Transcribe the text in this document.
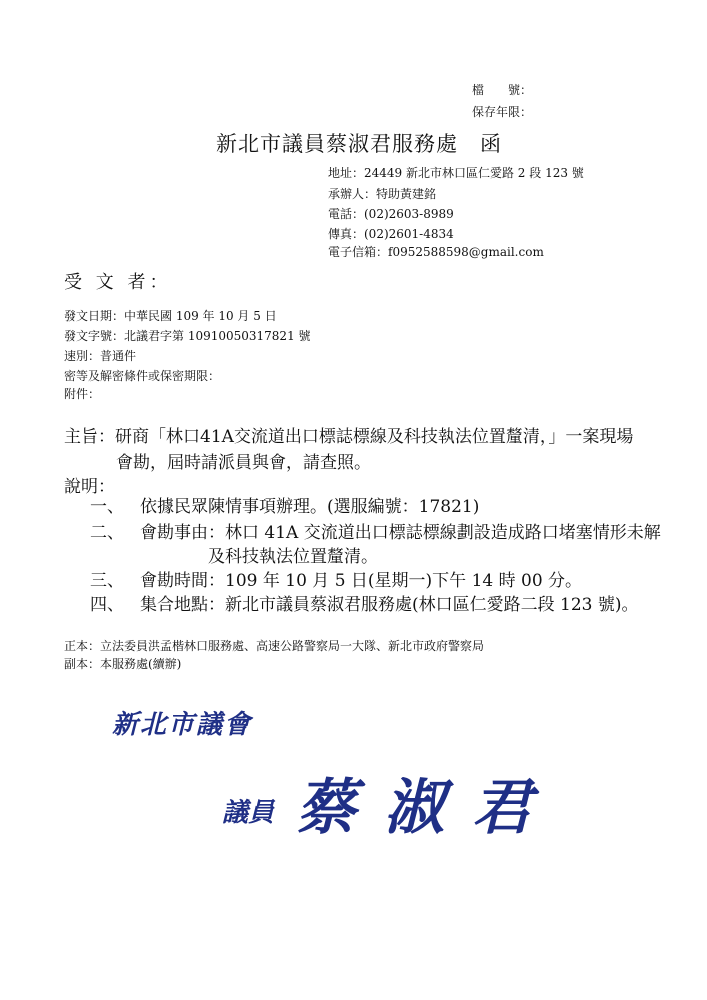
檔　　號：
保存年限：
新北市議員蔡淑君服務處　函
地址：24449 新北市林口區仁愛路 2 段 123 號
承辦人：特助黃建銘
電話：(02)2603-8989
傳真：(02)2601-4834
電子信箱：f0952588598@gmail.com
受 文 者：
發文日期：中華民國 109 年 10 月 5 日
發文字號：北議君字第 10910050317821 號
速別：普通件
密等及解密條件或保密期限：
附件：
主旨：研商「林口41A交流道出口標誌標線及科技執法位置釐清，」一案現場
會勘，屆時請派員與會，請查照。
說明：
一、 依據民眾陳情事項辦理。(選服編號：17821)
二、 會勘事由：林口 41A 交流道出口標誌標線劃設造成路口堵塞情形未解
及科技執法位置釐清。
三、 會勘時間：109 年 10 月 5 日(星期一)下午 14 時 00 分。
四、 集合地點：新北市議員蔡淑君服務處(林口區仁愛路二段 123 號)。
正本：立法委員洪孟楷林口服務處、高速公路警察局一大隊、新北市政府警察局
副本：本服務處(續辦)
新北市議會
議員 蔡淑君
